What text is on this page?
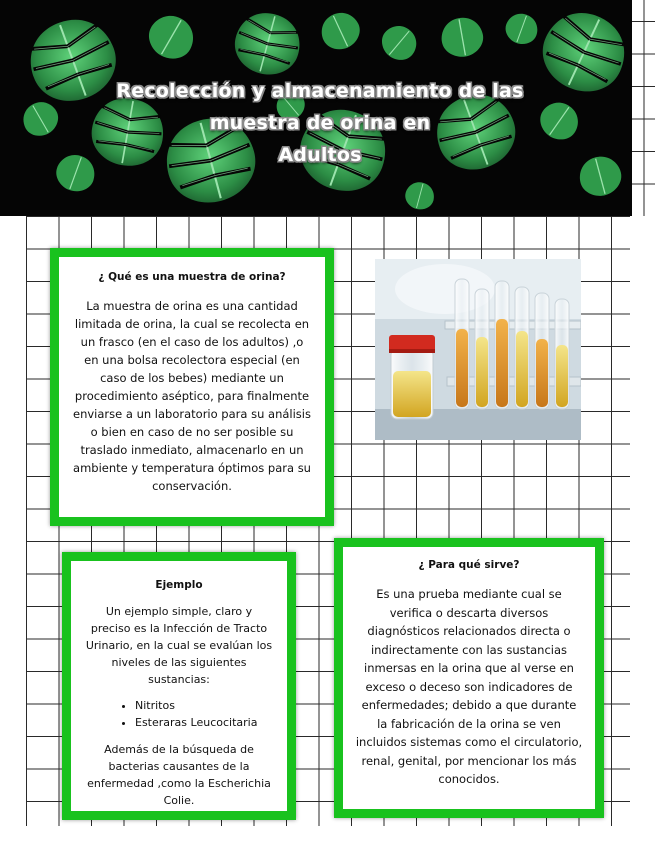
Recolección y almacenamiento de las
muestra de orina en
Adultos
¿ Qué es una muestra de orina?

La muestra de orina es una cantidad limitada de orina, la cual se recolecta en un frasco (en el caso de los adultos) ,o en una bolsa recolectora especial (en caso de los bebes) mediante un procedimiento aséptico, para finalmente enviarse a un laboratorio para su análisis o bien en caso de no ser posible su traslado inmediato, almacenarlo en un ambiente y temperatura óptimos para su conservación.

Ejemplo

Un ejemplo simple, claro y preciso es la Infección de Tracto Urinario, en la cual se evalúan los niveles de las siguientes sustancias:

• Nitritos
• Esteraras Leucocitaria

Además de la búsqueda de bacterias causantes de la enfermedad ,como la Escherichia Colie.

¿ Para qué sirve?

Es una prueba mediante cual se verifica o descarta diversos diagnósticos relacionados directa o indirectamente con las sustancias inmersas en la orina que al verse en exceso o deceso son indicadores de enfermedades; debido a que durante la fabricación de la orina se ven incluidos sistemas como el circulatorio, renal, genital, por mencionar los más conocidos.
